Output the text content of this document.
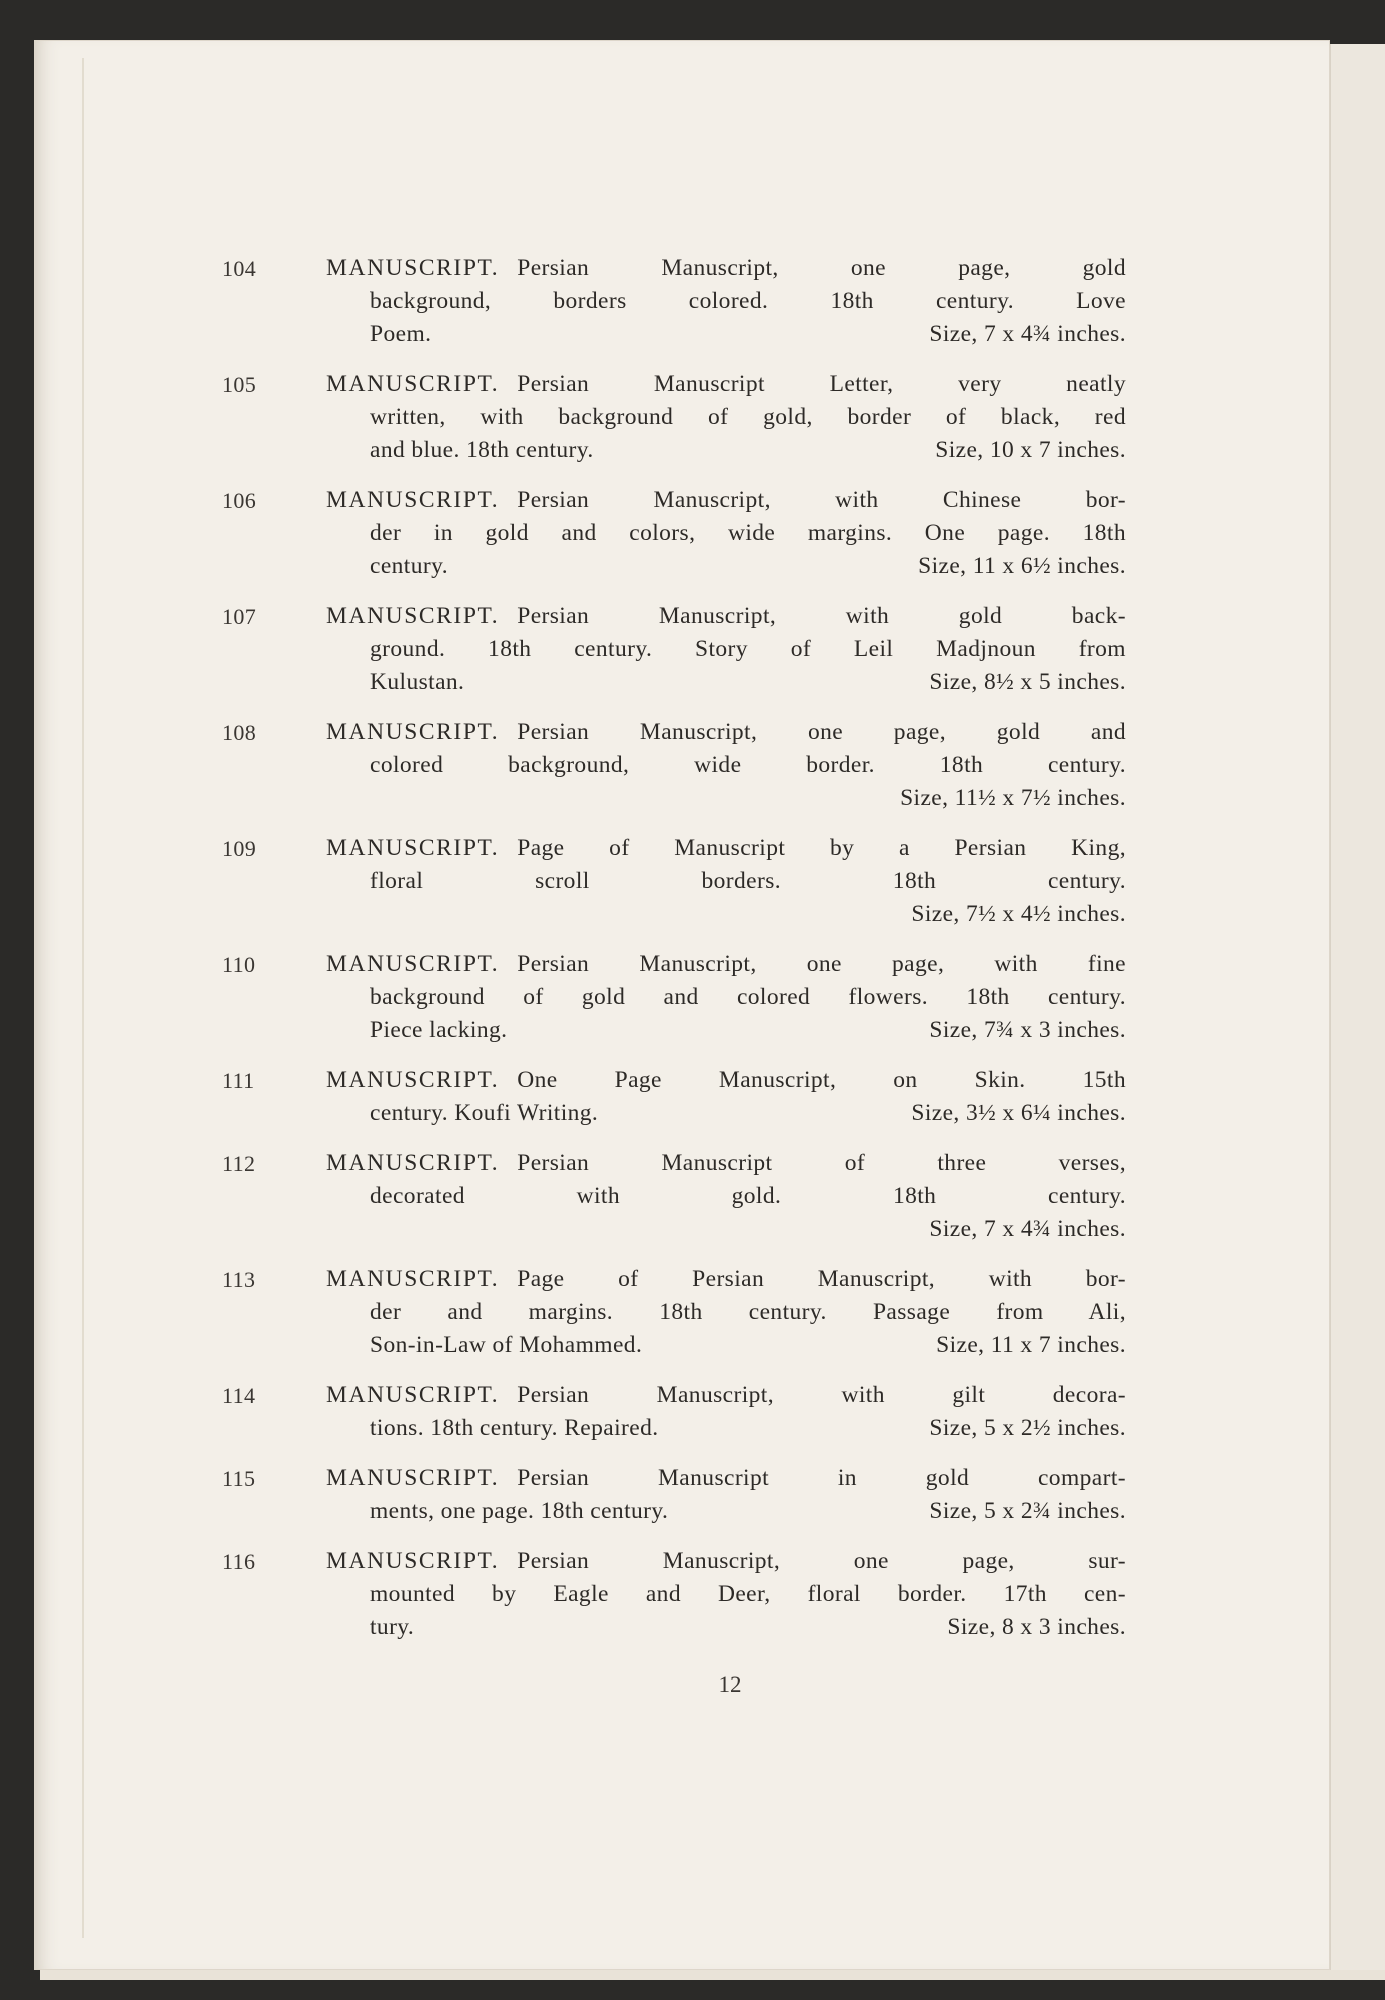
104	MANUSCRIPT. Persian Manuscript, one page, gold
background, borders colored. 18th century. Love
Poem.	Size, 7 x 4¾ inches.
105	MANUSCRIPT. Persian Manuscript Letter, very neatly
written, with background of gold, border of black, red
and blue. 18th century.	Size, 10 x 7 inches.
106	MANUSCRIPT. Persian Manuscript, with Chinese bor-
der in gold and colors, wide margins. One page. 18th
century.	Size, 11 x 6½ inches.
107	MANUSCRIPT. Persian Manuscript, with gold back-
ground. 18th century. Story of Leil Madjnoun from
Kulustan.	Size, 8½ x 5 inches.
108	MANUSCRIPT. Persian Manuscript, one page, gold and
colored background, wide border. 18th century.
Size, 11½ x 7½ inches.
109	MANUSCRIPT. Page of Manuscript by a Persian King,
floral scroll borders. 18th century.
Size, 7½ x 4½ inches.
110	MANUSCRIPT. Persian Manuscript, one page, with fine
background of gold and colored flowers. 18th century.
Piece lacking.	Size, 7¾ x 3 inches.
111	MANUSCRIPT. One Page Manuscript, on Skin. 15th
century. Koufi Writing.	Size, 3½ x 6¼ inches.
112	MANUSCRIPT. Persian Manuscript of three verses,
decorated with gold. 18th century.
Size, 7 x 4¾ inches.
113	MANUSCRIPT. Page of Persian Manuscript, with bor-
der and margins. 18th century. Passage from Ali,
Son-in-Law of Mohammed.	Size, 11 x 7 inches.
114	MANUSCRIPT. Persian Manuscript, with gilt decora-
tions. 18th century. Repaired.	Size, 5 x 2½ inches.
115	MANUSCRIPT. Persian Manuscript in gold compart-
ments, one page. 18th century.	Size, 5 x 2¾ inches.
116	MANUSCRIPT. Persian Manuscript, one page, sur-
mounted by Eagle and Deer, floral border. 17th cen-
tury.	Size, 8 x 3 inches.
12
